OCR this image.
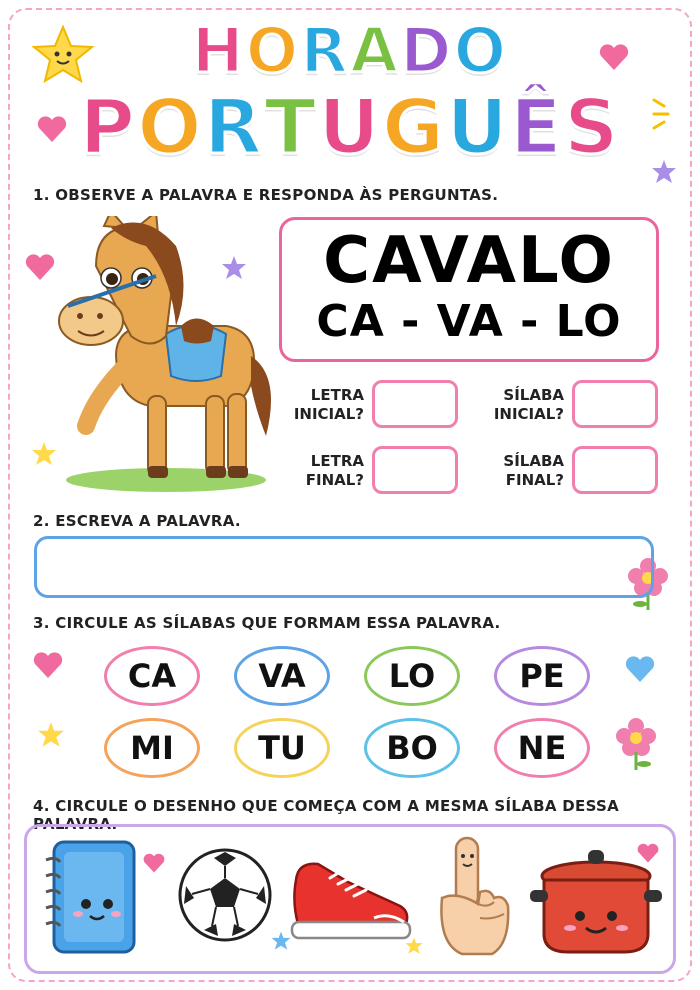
HORADO
PORTUGUÊS
1. OBSERVE A PALAVRA E RESPONDA ÀS PERGUNTAS.
CAVALO
CA - VA - LO
LETRA
INICIAL?
SÍLABA
INICIAL?
LETRA
FINAL?
SÍLABA
FINAL?
2. ESCREVA A PALAVRA.
3. CIRCULE AS SÍLABAS QUE FORMAM ESSA PALAVRA.
CA	VA	LO	PE
MI	TU	BO	NE
4. CIRCULE O DESENHO QUE COMEÇA COM A MESMA SÍLABA DESSA PALAVRA.
